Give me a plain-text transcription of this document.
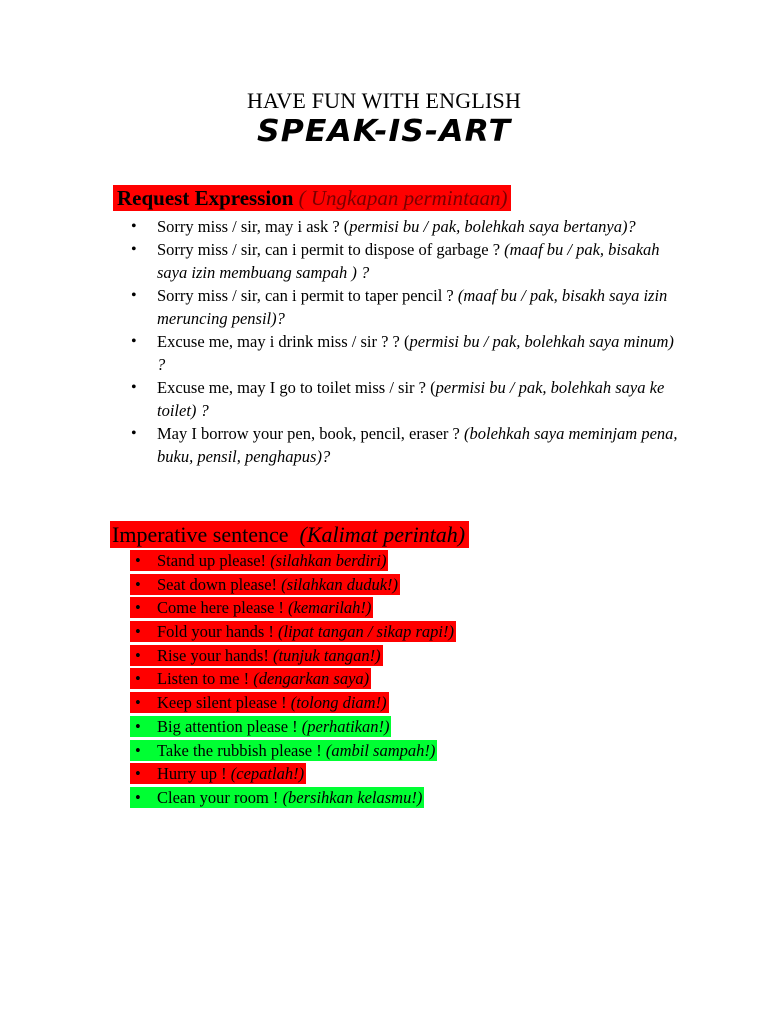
HAVE FUN WITH ENGLISH
SPEAK-IS-ART
Request Expression ( Ungkapan permintaan)
• Sorry miss / sir, may i ask ? (permisi bu / pak, bolehkah saya bertanya)?
• Sorry miss / sir, can i permit to dispose of garbage ? (maaf bu / pak, bisakah saya izin membuang sampah ) ?
• Sorry miss / sir, can i permit to taper pencil ? (maaf bu / pak, bisakh saya izin meruncing pensil)?
• Excuse me, may i drink miss / sir ? ? (permisi bu / pak, bolehkah saya minum) ?
• Excuse me, may I go to toilet miss / sir ? (permisi bu / pak, bolehkah saya ke toilet) ?
• May I borrow your pen, book, pencil, eraser ? (bolehkah saya meminjam pena, buku, pensil, penghapus)?
Imperative sentence (Kalimat perintah)
• Stand up please! (silahkan berdiri)
• Seat down please! (silahkan duduk!)
• Come here please ! (kemarilah!)
• Fold your hands ! (lipat tangan / sikap rapi!)
• Rise your hands! (tunjuk tangan!)
• Listen to me ! (dengarkan saya)
• Keep silent please ! (tolong diam!)
• Big attention please ! (perhatikan!)
• Take the rubbish please ! (ambil sampah!)
• Hurry up ! (cepatlah!)
• Clean your room ! (bersihkan kelasmu!)
